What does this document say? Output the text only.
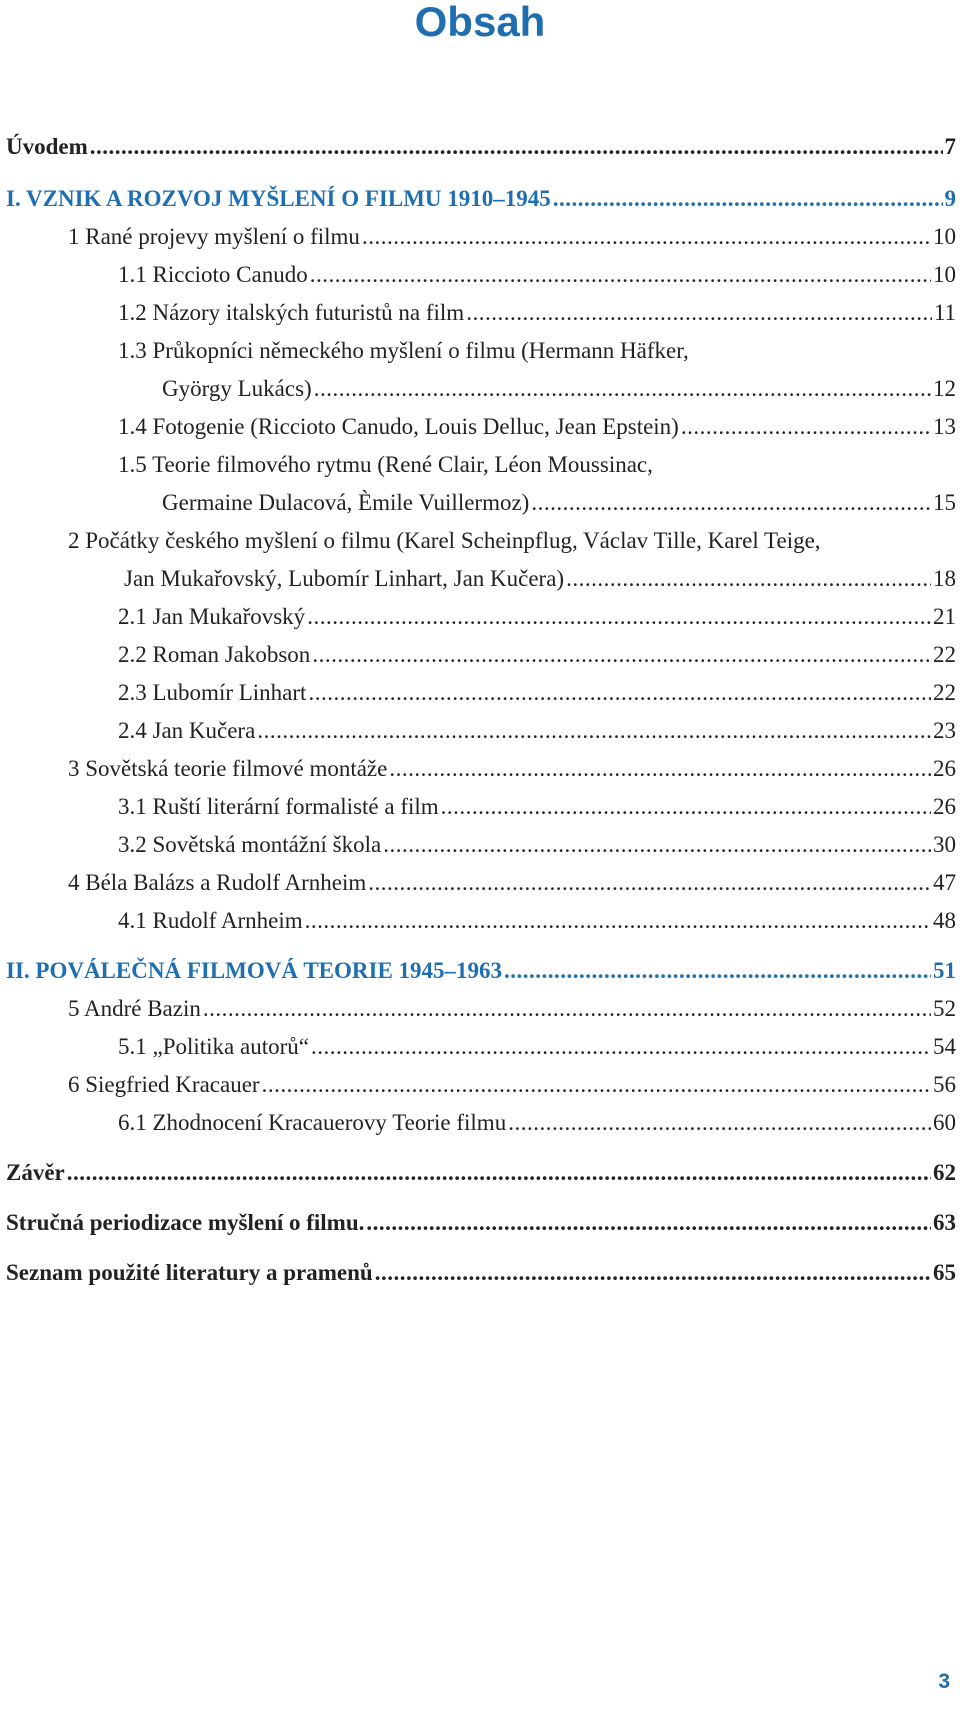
Obsah
Úvodem .....	7
I. VZNIK A ROZVOJ MYŠLENÍ O FILMU 1910–1945 .....	9
1 Rané projevy myšlení o filmu .....	10
1.1 Riccioto Canudo .....	10
1.2 Názory italských futuristů na film .....	11
1.3 Průkopníci německého myšlení o filmu (Hermann Häfker,
György Lukács) .....	12
1.4 Fotogenie (Riccioto Canudo, Louis Delluc, Jean Epstein) .....	13
1.5 Teorie filmového rytmu (René Clair, Léon Moussinac,
Germaine Dulacová, Èmile Vuillermoz) .....	15
2 Počátky českého myšlení o filmu (Karel Scheinpflug, Václav Tille, Karel Teige,
Jan Mukařovský, Lubomír Linhart, Jan Kučera) .....	18
2.1 Jan Mukařovský .....	21
2.2 Roman Jakobson .....	22
2.3 Lubomír Linhart .....	22
2.4 Jan Kučera .....	23
3 Sovětská teorie filmové montáže .....	26
3.1 Ruští literární formalisté a film .....	26
3.2 Sovětská montážní škola .....	30
4 Béla Balázs a Rudolf Arnheim .....	47
4.1 Rudolf Arnheim .....	48
II. POVÁLEČNÁ FILMOVÁ TEORIE 1945–1963 .....	51
5 André Bazin .....	52
5.1 „Politika autorů“ .....	54
6 Siegfried Kracauer .....	56
6.1 Zhodnocení Kracauerovy Teorie filmu .....	60
Závěr .....	62
Stručná periodizace myšlení o filmu. .....	63
Seznam použité literatury a pramenů .....	65
3
